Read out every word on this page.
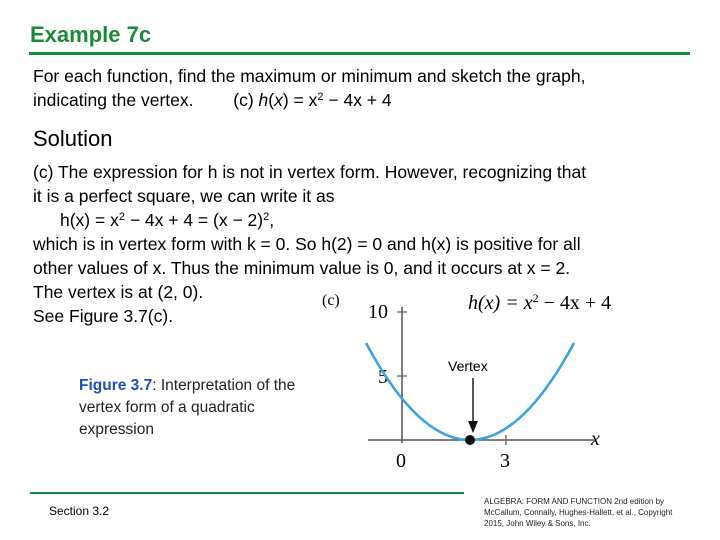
Example 7c
For each function, find the maximum or minimum and sketch the graph,
indicating the vertex. (c) $h(x) = x^2 - 4x + 4$
Solution
(c) The expression for h is not in vertex form. However, recognizing that
it is a perfect square, we can write it as
$h(x) = x^2 - 4x + 4 = (x - 2)^2$,
which is in vertex form with k = 0. So h(2) = 0 and h(x) is positive for all
other values of x. Thus the minimum value is 0, and it occurs at x = 2.
The vertex is at (2, 0).
See Figure 3.7(c).
(c)	$h(x) = x^2 - 4x + 4$
10
5
0	3
x
Vertex
Figure 3.7: Interpretation of the vertex form of a quadratic expression
Section 3.2
ALGEBRA: FORM AND FUNCTION 2nd edition by McCallum, Connally, Hughes-Hallett, et al., Copyright 2015, John Wiley & Sons, Inc.
